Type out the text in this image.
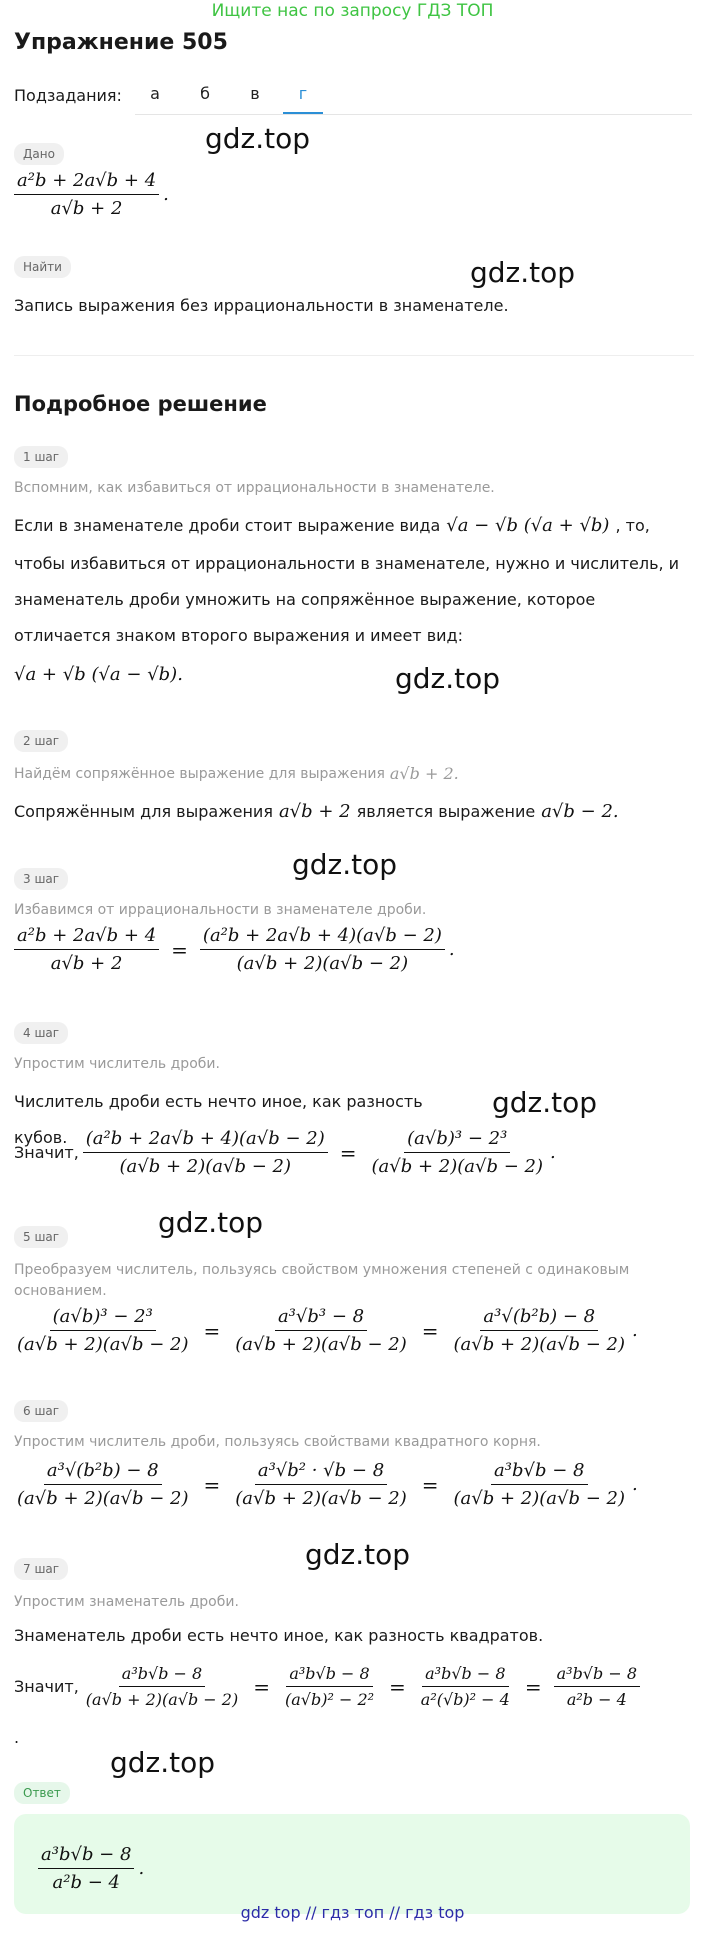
Ищите нас по запросу ГДЗ ТОП
Упражнение 505
Подзадания:	а	б	в	г
Дано	gdz.top
$\frac{\text{a²b + 2a√b + 4}}{a√b + 2}$ .
Найти	gdz.top
Запись выражения без иррациональности в знаменателе.
Подробное решение
1 шаг
Вспомним, как избавиться от иррациональности в знаменателе.
Если в знаменателе дроби стоит выражение вида √a − √b (√a + √b) , то,
чтобы избавиться от иррациональности в знаменателе, нужно и числитель, и
знаменатель дроби умножить на сопряжённое выражение, которое
отличается знаком второго выражения и имеет вид:
√a + √b (√a − √b).	gdz.top
2 шаг
Найдём сопряжённое выражение для выражения a√b + 2.
Сопряжённым для выражения a√b + 2 является выражение a√b − 2.
gdz.top
3 шаг
Избавимся от иррациональности в знаменателе дроби.
$\frac{\text{a²b + 2a√b + 4}}{a√b + 2} = \frac{\text{(a²b + 2a√b + 4)(a√b − 2)}}{(a√b + 2)(a√b - 2)}$ .
4 шаг
Упростим числитель дроби.
Числитель дроби есть нечто иное, как разность кубов.
gdz.top
Значит, $\frac{\text{(a²b + 2a√b + 4)(a√b − 2)}}{(a√b + 2)(a√b - 2)} = \frac{\text{(a√b)³ − 2³}}{(a√b + 2)(a√b - 2)}$ .
gdz.top
5 шаг
Преобразуем числитель, пользуясь свойством умножения степеней с одинаковым
основанием.
$\frac{\text{(a√b)³ − 2³}}{(a√b + 2)(a√b - 2)} = \frac{\text{a³√b³ − 8}}{(a√b + 2)(a√b - 2)} = \frac{\text{a³√(b²b) − 8}}{(a√b + 2)(a√b - 2)}$ .
6 шаг
Упростим числитель дроби, пользуясь свойствами квадратного корня.
$\frac{\text{a³√(b²b) − 8}}{(a√b + 2)(a√b - 2)} = \frac{\text{a³√b² · √b − 8}}{(a√b + 2)(a√b - 2)} = \frac{\text{a³b√b − 8}}{(a√b + 2)(a√b - 2)}$ .
gdz.top
7 шаг
Упростим знаменатель дроби.
Знаменатель дроби есть нечто иное, как разность квадратов.
Значит, $\frac{\text{a³b√b − 8}}{(a√b + 2)(a√b - 2)} = \frac{\text{a³b√b − 8}}{\text{(a√b)² − 2²}} = \frac{\text{a³b√b − 8}}{\text{a²(√b)² − 4}} = \frac{\text{a³b√b − 8}}{\text{a²b − 4}}$
.
gdz.top
Ответ
$\frac{\text{a³b√b − 8}}{\text{a²b − 4}}$ .
gdz top // гдз топ // гдз top
